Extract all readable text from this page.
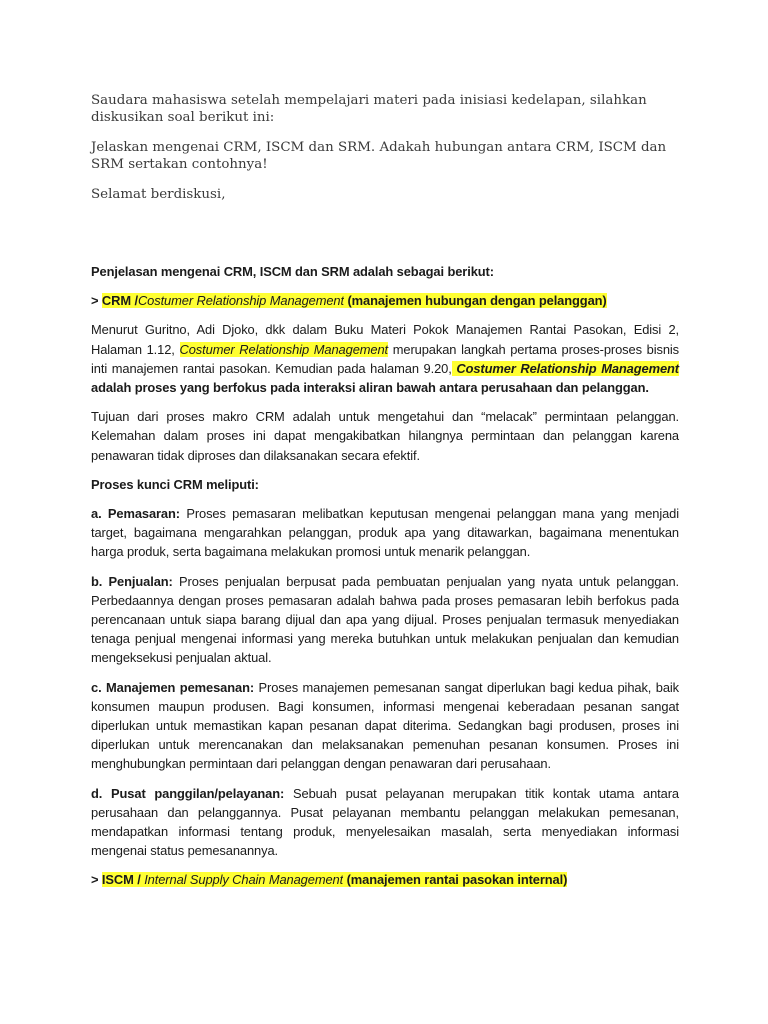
Saudara mahasiswa setelah mempelajari materi pada inisiasi kedelapan, silahkan diskusikan soal berikut ini:

Jelaskan mengenai CRM, ISCM dan SRM. Adakah hubungan antara CRM, ISCM dan SRM sertakan contohnya!

Selamat berdiskusi,

Penjelasan mengenai CRM, ISCM dan SRM adalah sebagai berikut:

> CRM /Costumer Relationship Management (manajemen hubungan dengan pelanggan)

Menurut Guritno, Adi Djoko, dkk dalam Buku Materi Pokok Manajemen Rantai Pasokan, Edisi 2, Halaman 1.12, Costumer Relationship Management merupakan langkah pertama proses-proses bisnis inti manajemen rantai pasokan. Kemudian pada halaman 9.20, Costumer Relationship Management adalah proses yang berfokus pada interaksi aliran bawah antara perusahaan dan pelanggan.

Tujuan dari proses makro CRM adalah untuk mengetahui dan “melacak” permintaan pelanggan. Kelemahan dalam proses ini dapat mengakibatkan hilangnya permintaan dan pelanggan karena penawaran tidak diproses dan dilaksanakan secara efektif.

Proses kunci CRM meliputi:

a. Pemasaran: Proses pemasaran melibatkan keputusan mengenai pelanggan mana yang menjadi target, bagaimana mengarahkan pelanggan, produk apa yang ditawarkan, bagaimana menentukan harga produk, serta bagaimana melakukan promosi untuk menarik pelanggan.

b. Penjualan: Proses penjualan berpusat pada pembuatan penjualan yang nyata untuk pelanggan. Perbedaannya dengan proses pemasaran adalah bahwa pada proses pemasaran lebih berfokus pada perencanaan untuk siapa barang dijual dan apa yang dijual. Proses penjualan termasuk menyediakan tenaga penjual mengenai informasi yang mereka butuhkan untuk melakukan penjualan dan kemudian mengeksekusi penjualan aktual.

c. Manajemen pemesanan: Proses manajemen pemesanan sangat diperlukan bagi kedua pihak, baik konsumen maupun produsen. Bagi konsumen, informasi mengenai keberadaan pesanan sangat diperlukan untuk memastikan kapan pesanan dapat diterima. Sedangkan bagi produsen, proses ini diperlukan untuk merencanakan dan melaksanakan pemenuhan pesanan konsumen. Proses ini menghubungkan permintaan dari pelanggan dengan penawaran dari perusahaan.

d. Pusat panggilan/pelayanan: Sebuah pusat pelayanan merupakan titik kontak utama antara perusahaan dan pelanggannya. Pusat pelayanan membantu pelanggan melakukan pemesanan, mendapatkan informasi tentang produk, menyelesaikan masalah, serta menyediakan informasi mengenai status pemesanannya.

> ISCM / Internal Supply Chain Management (manajemen rantai pasokan internal)
